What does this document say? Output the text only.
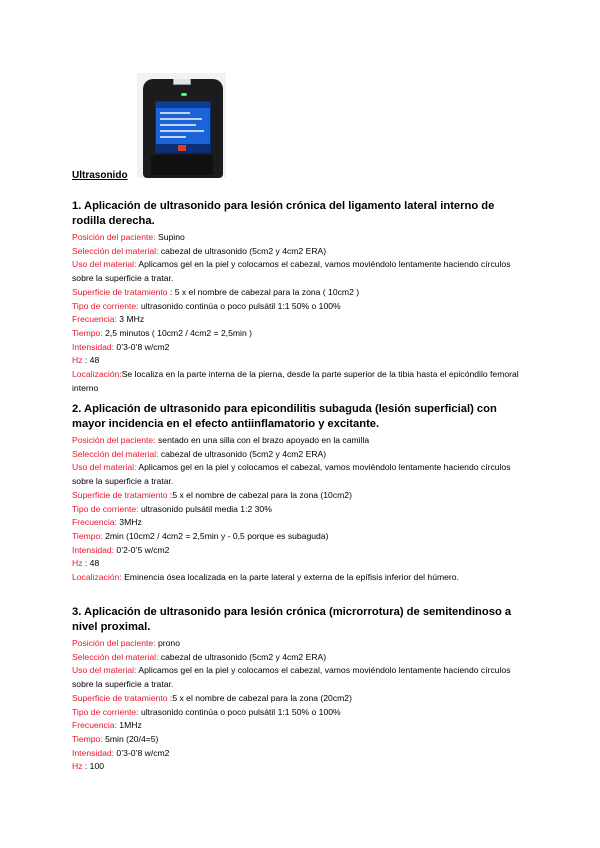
Ultrasonido
1. Aplicación de ultrasonido para lesión crónica del ligamento lateral interno de rodilla derecha.
Posición del paciente: Supino
Selección del material: cabezal de ultrasonido (5cm2 y 4cm2 ERA)
Uso del material: Aplicamos gel en la piel y colocamos el cabezal, vamos moviéndolo lentamente haciendo círculos sobre la superficie a tratar.
Superficie de tratamiento : 5 x el nombre de cabezal para la zona ( 10cm2 )
Tipo de corriente: ultrasonido continúa o poco pulsátil 1:1 50% o 100%
Frecuencia: 3 MHz
Tiempo: 2,5 minutos ( 10cm2 / 4cm2 = 2,5min )
Intensidad: 0’3-0’8 w/cm2
Hz : 48
Localización:Se localiza en la parte interna de la pierna, desde la parte superior de la tibia hasta el epicóndilo femoral interno
2. Aplicación de ultrasonido para epicondilitis subaguda (lesión superficial) con mayor incidencia en el efecto antiinflamatorio y excitante.
Posición del paciente: sentado en una silla con el brazo apoyado en la camilla
Selección del material: cabezal de ultrasonido (5cm2 y 4cm2 ERA)
Uso del material: Aplicamos gel en la piel y colocamos el cabezal, vamos moviéndolo lentamente haciendo círculos sobre la superficie a tratar.
Superficie de tratamiento :5 x el nombre de cabezal para la zona (10cm2)
Tipo de corriente: ultrasonido pulsátil media 1:2 30%
Frecuencia: 3MHz
Tiempo: 2min (10cm2 / 4cm2 = 2,5min y - 0,5 porque es subaguda)
Intensidad: 0’2-0’5 w/cm2
Hz : 48
Localización: Eminencia ósea localizada en la parte lateral y externa de la epífisis inferior del húmero.
3. Aplicación de ultrasonido para lesión crónica (microrrotura) de semitendinoso a nivel proximal.
Posición del paciente: prono
Selección del material: cabezal de ultrasonido (5cm2 y 4cm2 ERA)
Uso del material: Aplicamos gel en la piel y colocamos el cabezal, vamos moviéndolo lentamente haciendo círculos sobre la superficie a tratar.
Superficie de tratamiento :5 x el nombre de cabezal para la zona (20cm2)
Tipo de corriente: ultrasonido continúa o poco pulsátil 1:1 50% o 100%
Frecuencia: 1MHz
Tiempo: 5min (20/4=5)
Intensidad: 0’3-0’8 w/cm2
Hz : 100
